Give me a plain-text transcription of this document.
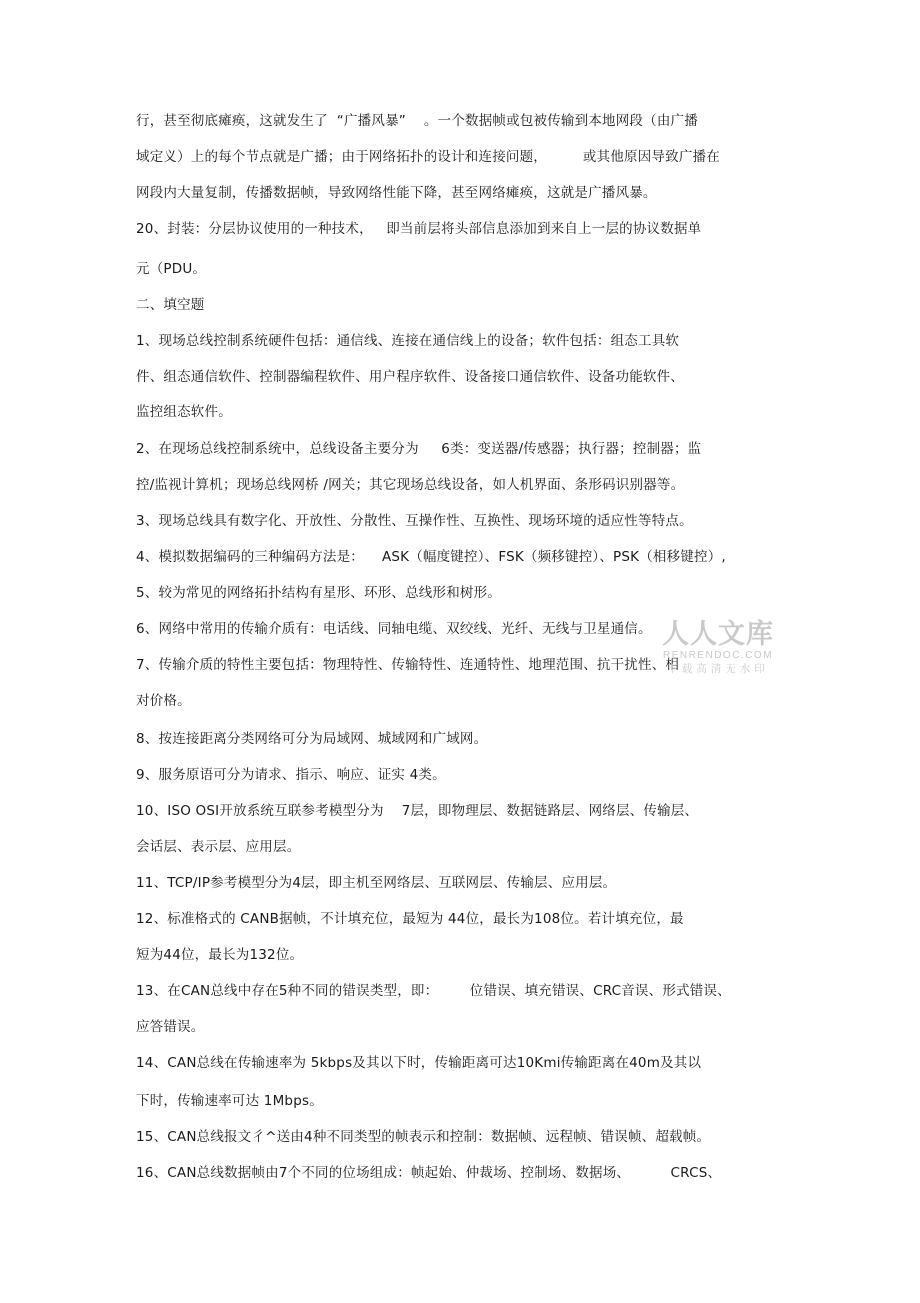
行，甚至彻底瘫痪，这就发生了  “广播风暴”    。一个数据帧或包被传输到本地网段（由广播
域定义）上的每个节点就是广播；由于网络拓扑的设计和连接问题，        或其他原因导致广播在
网段内大量复制，传播数据帧，导致网络性能下降，甚至网络瘫痪，这就是广播风暴。
20、封装：分层协议使用的一种技术，   即当前层将头部信息添加到来自上一层的协议数据单
元（PDU。
二、填空题
1、现场总线控制系统硬件包括：通信线、连接在通信线上的设备；软件包括：组态工具软
件、组态通信软件、控制器编程软件、用户程序软件、设备接口通信软件、设备功能软件、
监控组态软件。
2、在现场总线控制系统中，总线设备主要分为     6类：变送器/传感器；执行器；控制器；监
控/监视计算机；现场总线网桥 /网关；其它现场总线设备，如人机界面、条形码识别器等。
3、现场总线具有数字化、开放性、分散性、互操作性、互换性、现场环境的适应性等特点。
4、模拟数据编码的三种编码方法是：    ASK（幅度键控）、FSK（频移键控）、PSK（相移键控）,
5、较为常见的网络拓扑结构有星形、环形、总线形和树形。
6、网络中常用的传输介质有：电话线、同轴电缆、双绞线、光纤、无线与卫星通信。
7、传输介质的特性主要包括：物理特性、传输特性、连通特性、地理范围、抗干扰性、相
对价格。
8、按连接距离分类网络可分为局域网、城域网和广域网。
9、服务原语可分为请求、指示、响应、证实 4类。
10、ISO OSI开放系统互联参考模型分为    7层，即物理层、数据链路层、网络层、传输层、
会话层、表示层、应用层。
11、TCP/IP参考模型分为4层，即主机至网络层、互联网层、传输层、应用层。
12、标准格式的 CANB据帧，不计填充位，最短为 44位，最长为108位。若计填充位，最
短为44位，最长为132位。
13、在CAN总线中存在5种不同的错误类型，即：       位错误、填充错误、CRC音误、形式错误、
应答错误。
14、CAN总线在传输速率为 5kbps及其以下时，传输距离可达10Kmi传输距离在40m及其以
下时，传输速率可达 1Mbps。
15、CAN总线报文彳^送由4种不同类型的帧表示和控制：数据帧、远程帧、错误帧、超载帧。
16、CAN总线数据帧由7个不同的位场组成：帧起始、仲裁场、控制场、数据场、         CRCS、
人人文库
RENRENDOC.COM
下载高清无水印
